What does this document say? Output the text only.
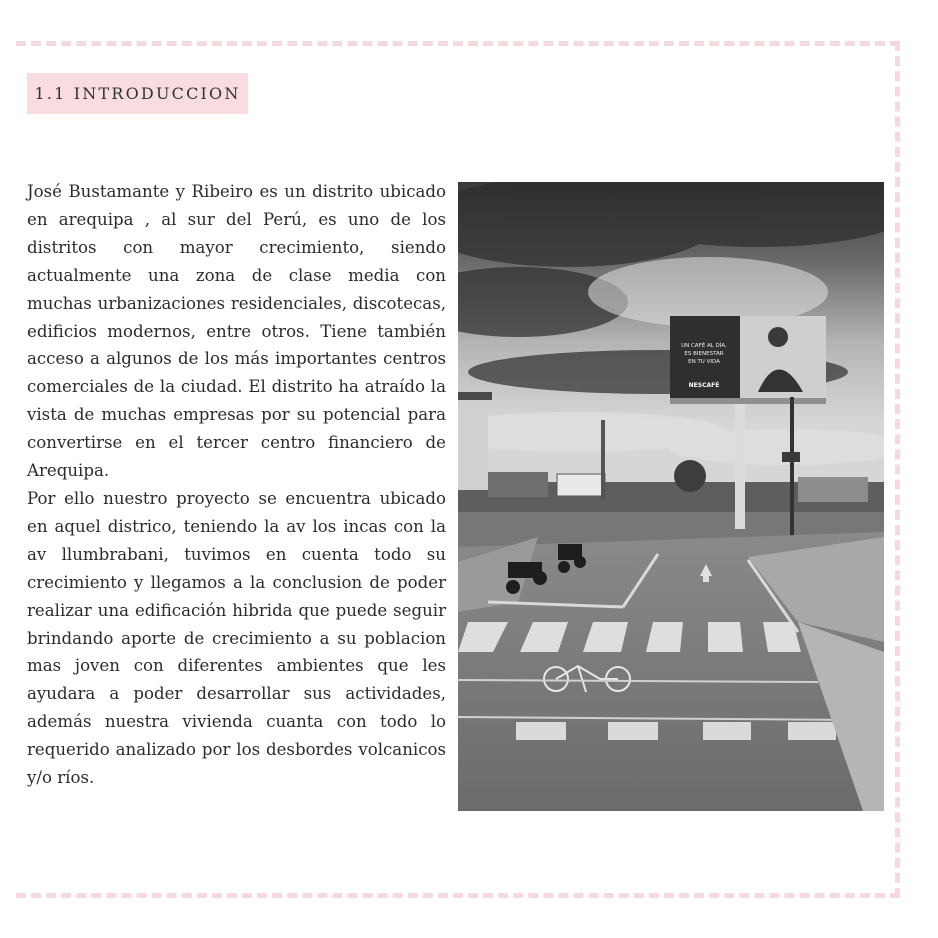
1.1 INTRODUCCION

José Bustamante y Ribeiro es un distrito ubicado en arequipa , al sur del Perú, es uno de los distritos con mayor crecimiento, siendo actualmente una zona de clase media con muchas urbanizaciones residenciales, discotecas, edificios modernos, entre otros. Tiene también acceso a algunos de los más importantes centros comerciales de la ciudad. El distrito ha atraído la vista de muchas empresas por su potencial para convertirse en el tercer centro financiero de Arequipa.

Por ello nuestro proyecto se encuentra ubicado en aquel districo, teniendo la av los incas con la av llumbrabani, tuvimos en cuenta todo su crecimiento y llegamos a la conclusion de poder realizar una edificación hibrida que puede seguir brindando aporte de crecimiento a su poblacion mas joven con diferentes ambientes que les ayudara a poder desarrollar sus actividades, además nuestra vivienda cuanta con todo lo requerido analizado por los desbordes volcanicos y/o ríos.

UN CAFÉ AL DÍA,
ES BIENESTAR
EN TU VIDA
NESCAFÉ
